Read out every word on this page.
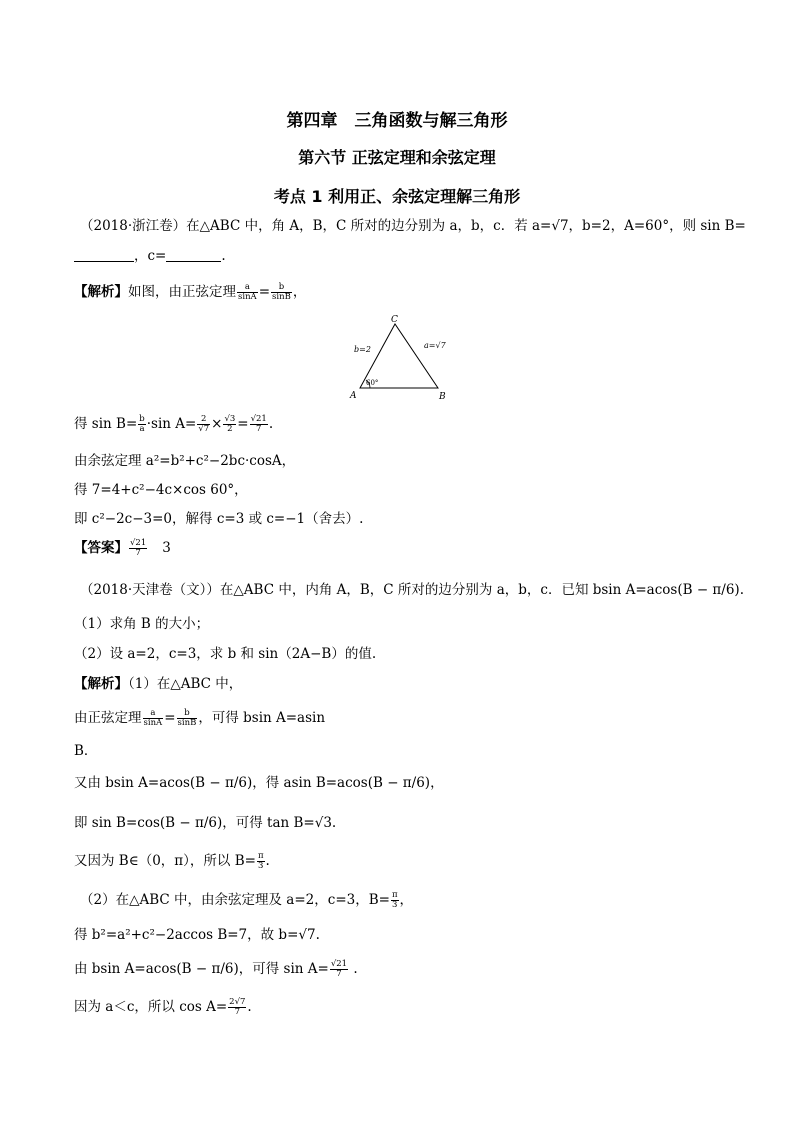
第四章　三角函数与解三角形
第六节 正弦定理和余弦定理
考点 1 利用正、余弦定理解三角形
（2018·浙江卷）在△ABC 中，角 A，B，C 所对的边分别为 a，b，c．若 a=√7，b=2，A=60°，则 sin B=
，c=	.
【解析】如图，由正弦定理 $\frac{a}{\sin A} = \frac{b}{\sin B}$ ，
C
A	B
b=2	a=√7
60°
得 $\sin B= \frac{b}{a} \cdot\sin$ $A= \frac{2}{√7} \times \frac{√3}{2} = \frac{√21}{7}$ .
由余弦定理 a²=b²+c²−2bc·cosA，
得 7=4+c²−4c×cos 60°，
即 c²−2c−3=0，解得 c=3 或 c=−1（舍去）.
【答案】 $\frac{√21}{7} 3$
（2018·天津卷（文））在△ABC 中，内角 A，B，C 所对的边分别为 a，b，c．已知 bsin A=acos(B − π/6).
（1）求角 B 的大小；
（2）设 a=2，c=3，求 b 和 sin（2A−B）的值.
【解析】（1）在△ABC 中，
由正弦定理 $\frac{a}{\sin A} = \frac{b}{\sin B}$ ，可得 bsin A=asin
B．
又由 bsin A=acos(B − π/6)，得 asin B=acos(B − π/6)，
即 sin B=cos(B − π/6)，可得 tan B=√3.
又因为 B∈（0，π），所以 $B= \frac{\pi}{3}$ .
（2）在△ABC 中，由余弦定理及 a=2，c=3，$B= \frac{\pi}{3}$ ，
得 b²=a²+c²−2accos B=7，故 b=√7.
由 bsin A=acos(B − π/6)，可得 $\sin A= \frac{√21}{7}$ .
因为 a＜c，所以 $\cos A= \frac{2√7}{7}$ .
